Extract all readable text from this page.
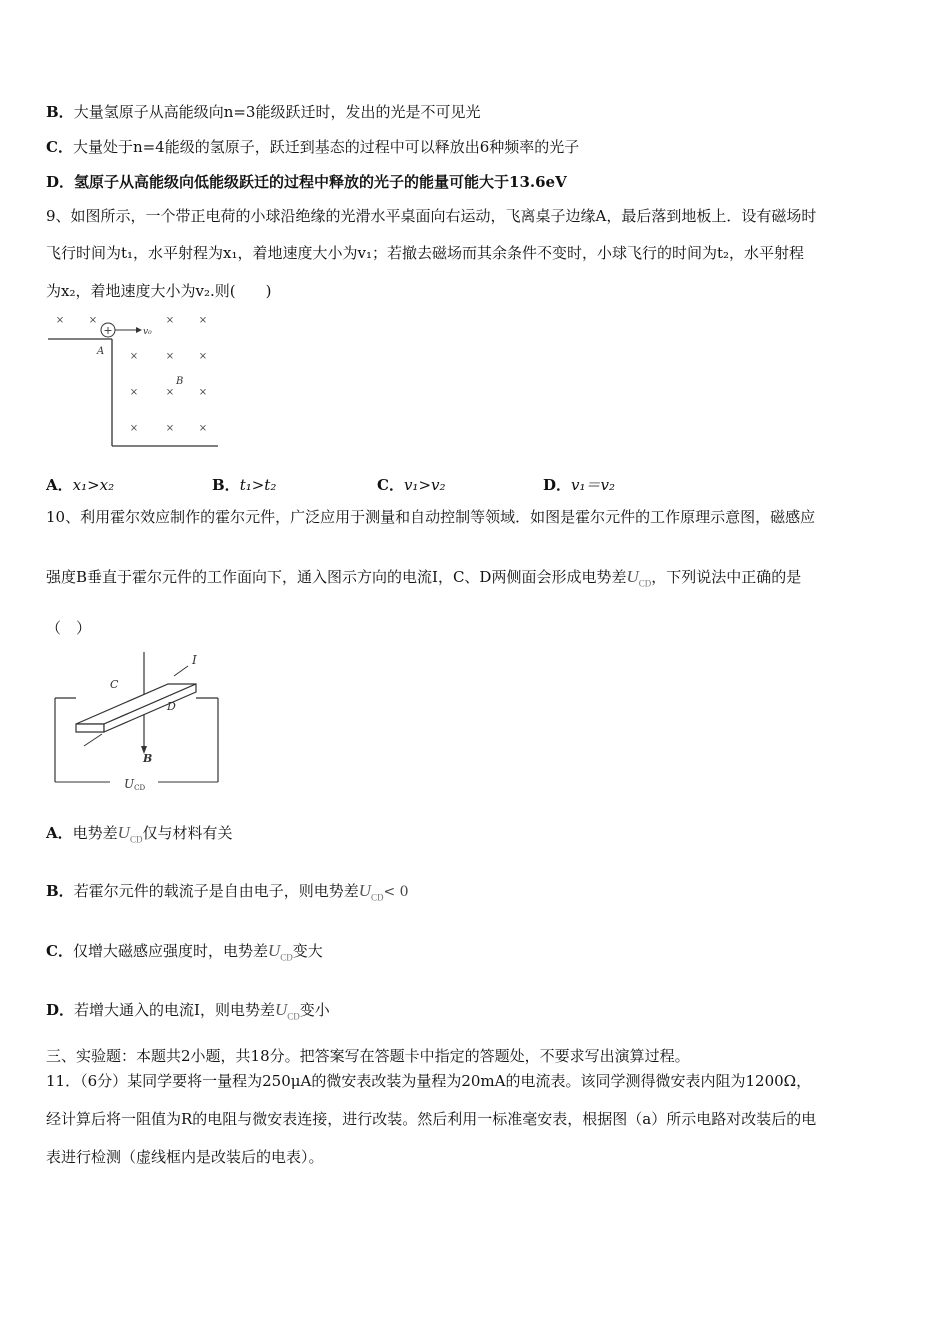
B．大量氢原子从高能级向n=3能级跃迁时，发出的光是不可见光
C．大量处于n=4能级的氢原子，跃迁到基态的过程中可以释放出6种频率的光子
D．氢原子从高能级向低能级跃迁的过程中释放的光子的能量可能大于13.6eV
9、如图所示，一个带正电荷的小球沿绝缘的光滑水平桌面向右运动，飞离桌子边缘A，最后落到地板上．设有磁场时
飞行时间为t₁，水平射程为x₁，着地速度大小为v₁；若撤去磁场而其余条件不变时，小球飞行的时间为t₂，水平射程
为x₂，着地速度大小为v₂.则(　　)
+	v₀
A
B
× ×	× ×
×	× ×
×	× ×
×	× ×
A．x₁>x₂	B．t₁>t₂	C．v₁>v₂	D．v₁＝v₂
10、利用霍尔效应制作的霍尔元件，广泛应用于测量和自动控制等领域．如图是霍尔元件的工作原理示意图，磁感应
强度B垂直于霍尔元件的工作面向下，通入图示方向的电流I，C、D两侧面会形成电势差$U_{CD}$，下列说法中正确的是
（　）
UCD
B
I
C
D
A．电势差$U_{CD}$仅与材料有关
B．若霍尔元件的载流子是自由电子，则电势差$U_{CD}< 0$
C．仅增大磁感应强度时，电势差$U_{CD}$变大
D．若增大通入的电流I，则电势差$U_{CD}$变小
三、实验题：本题共2小题，共18分。把答案写在答题卡中指定的答题处，不要求写出演算过程。
11．（6分）某同学要将一量程为250μA的微安表改装为量程为20mA的电流表。该同学测得微安表内阻为1200Ω，
经计算后将一阻值为R的电阻与微安表连接，进行改装。然后利用一标准毫安表，根据图（a）所示电路对改装后的电
表进行检测（虚线框内是改装后的电表）。
